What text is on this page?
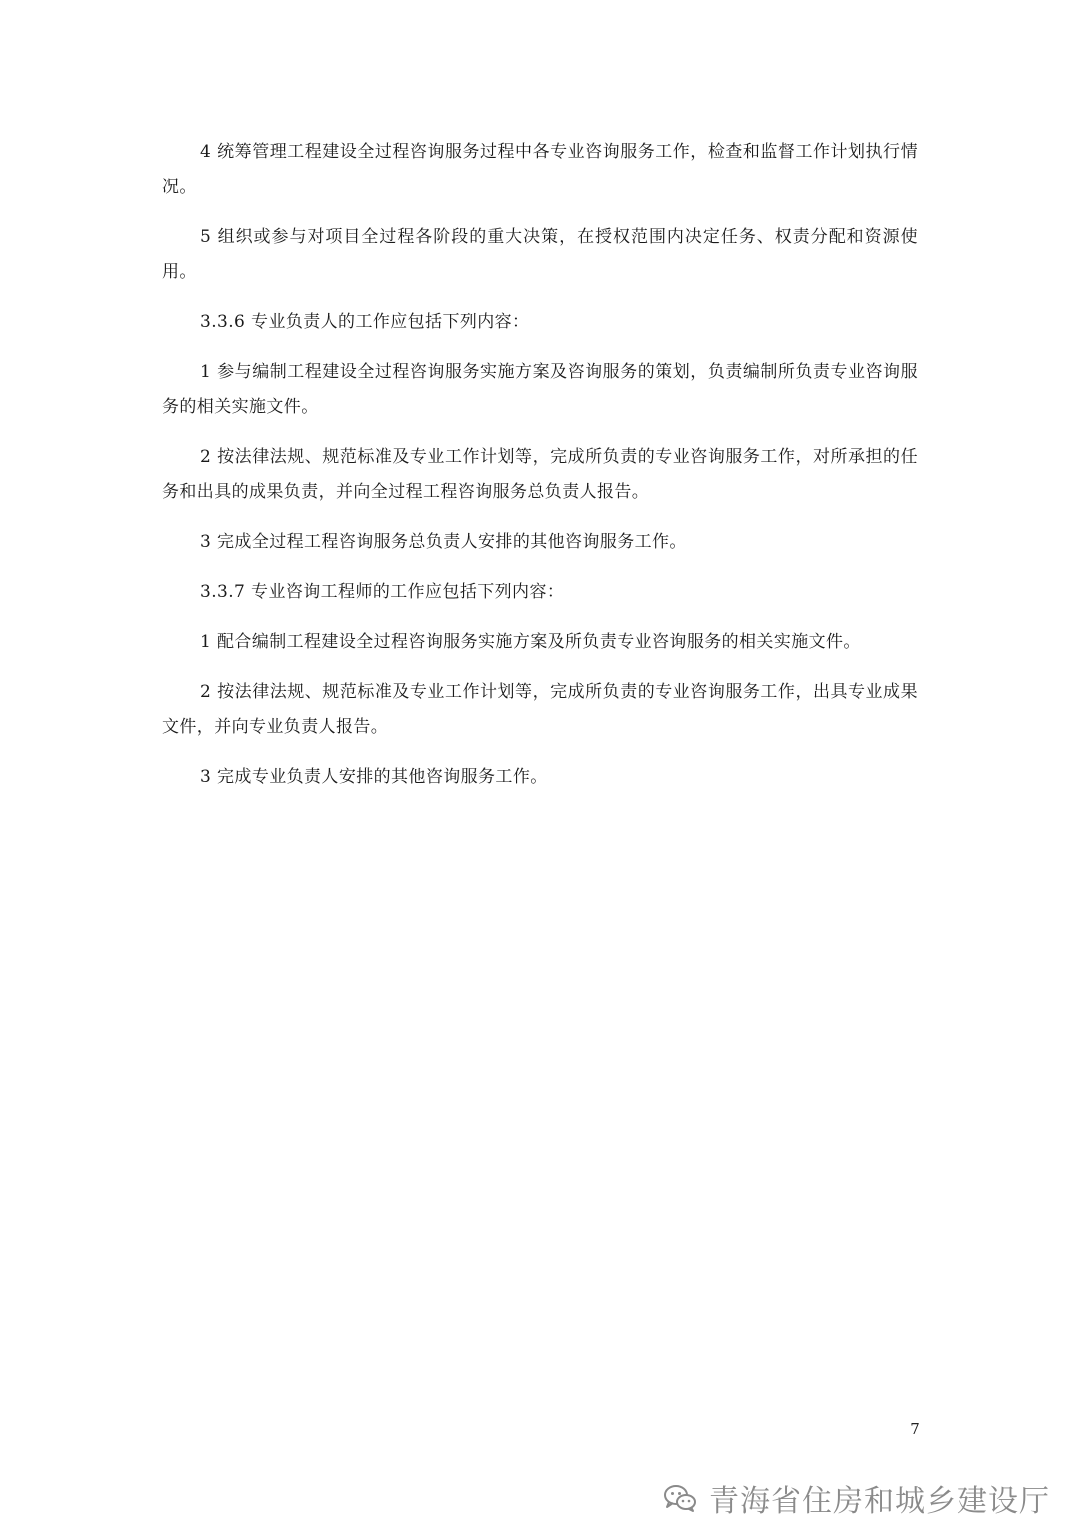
4 统筹管理工程建设全过程咨询服务过程中各专业咨询服务工作，检查和监督工作计划执行情况。

5 组织或参与对项目全过程各阶段的重大决策，在授权范围内决定任务、权责分配和资源使用。

3.3.6 专业负责人的工作应包括下列内容：

1 参与编制工程建设全过程咨询服务实施方案及咨询服务的策划，负责编制所负责专业咨询服务的相关实施文件。

2 按法律法规、规范标准及专业工作计划等，完成所负责的专业咨询服务工作，对所承担的任务和出具的成果负责，并向全过程工程咨询服务总负责人报告。

3 完成全过程工程咨询服务总负责人安排的其他咨询服务工作。

3.3.7 专业咨询工程师的工作应包括下列内容：

1 配合编制工程建设全过程咨询服务实施方案及所负责专业咨询服务的相关实施文件。

2 按法律法规、规范标准及专业工作计划等，完成所负责的专业咨询服务工作，出具专业成果文件，并向专业负责人报告。

3 完成专业负责人安排的其他咨询服务工作。

7
青海省住房和城乡建设厅
